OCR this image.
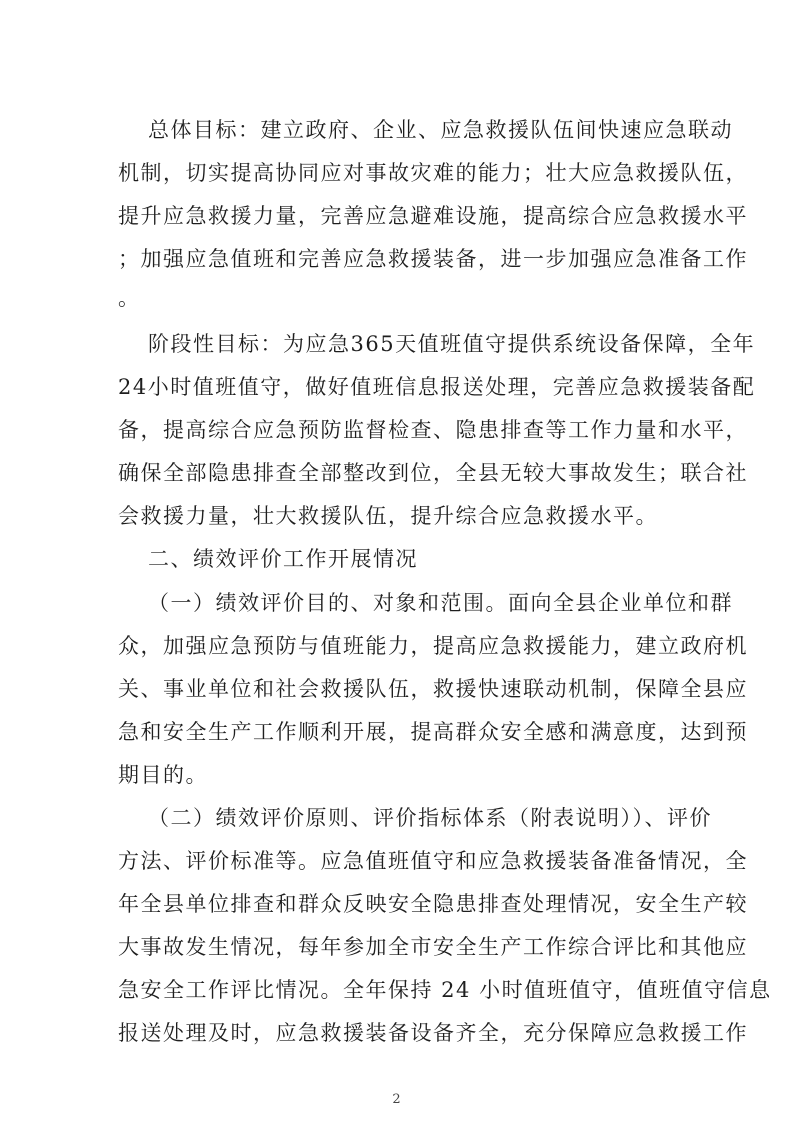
总体目标：建立政府、企业、应急救援队伍间快速应急联动
机制，切实提高协同应对事故灾难的能力；壮大应急救援队伍，
提升应急救援力量，完善应急避难设施，提高综合应急救援水平
；加强应急值班和完善应急救援装备，进一步加强应急准备工作
。
阶段性目标：为应急365天值班值守提供系统设备保障，全年
24小时值班值守，做好值班信息报送处理，完善应急救援装备配
备，提高综合应急预防监督检查、隐患排查等工作力量和水平，
确保全部隐患排查全部整改到位，全县无较大事故发生；联合社
会救援力量，壮大救援队伍，提升综合应急救援水平。
二、绩效评价工作开展情况
（一）绩效评价目的、对象和范围。面向全县企业单位和群
众，加强应急预防与值班能力，提高应急救援能力，建立政府机
关、事业单位和社会救援队伍，救援快速联动机制，保障全县应
急和安全生产工作顺利开展，提高群众安全感和满意度，达到预
期目的。
（二）绩效评价原则、评价指标体系（附表说明））、评价
方法、评价标准等。应急值班值守和应急救援装备准备情况，全
年全县单位排查和群众反映安全隐患排查处理情况，安全生产较
大事故发生情况，每年参加全市安全生产工作综合评比和其他应
急安全工作评比情况。全年保持 24 小时值班值守，值班值守信息
报送处理及时，应急救援装备设备齐全，充分保障应急救援工作
2
